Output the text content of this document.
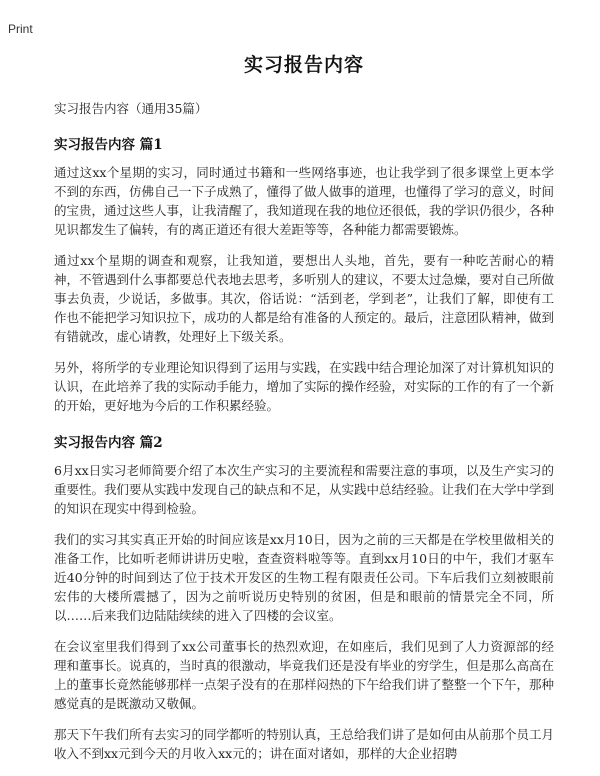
Print
实习报告内容
实习报告内容（通用35篇）
实习报告内容 篇1

通过这xx个星期的实习，同时通过书籍和一些网络事迹，也让我学到了很多课堂上更本学不到的东西，仿佛自己一下子成熟了，懂得了做人做事的道理，也懂得了学习的意义，时间的宝贵，通过这些人事，让我清醒了，我知道现在我的地位还很低，我的学识仍很少，各种见识都发生了偏转，有的离正道还有很大差距等等，各种能力都需要锻炼。

通过xx个星期的调查和观察，让我知道，要想出人头地，首先，要有一种吃苦耐心的精神，不管遇到什么事都要总代表地去思考，多听别人的建议，不要太过急燥，要对自己所做事去负责，少说话，多做事。其次，俗话说：“活到老，学到老”，让我们了解，即使有工作也不能把学习知识拉下，成功的人都是给有准备的人预定的。最后，注意团队精神，做到有错就改，虚心请教，处理好上下级关系。

另外，将所学的专业理论知识得到了运用与实践，在实践中结合理论加深了对计算机知识的认识，在此培养了我的实际动手能力，增加了实际的操作经验，对实际的工作的有了一个新的开始，更好地为今后的工作积累经验。

实习报告内容 篇2

6月xx日实习老师简要介绍了本次生产实习的主要流程和需要注意的事项，以及生产实习的重要性。我们要从实践中发现自己的缺点和不足，从实践中总结经验。让我们在大学中学到的知识在现实中得到检验。

我们的实习其实真正开始的时间应该是xx月10日，因为之前的三天都是在学校里做相关的准备工作，比如听老师讲讲历史啦，查查资料啦等等。直到xx月10日的中午，我们才驱车近40分钟的时间到达了位于技术开发区的生物工程有限责任公司。下车后我们立刻被眼前宏伟的大楼所震撼了，因为之前听说历史特别的贫困，但是和眼前的情景完全不同，所以……后来我们边陆陆续续的进入了四楼的会议室。

在会议室里我们得到了xx公司董事长的热烈欢迎，在如座后，我们见到了人力资源部的经理和董事长。说真的，当时真的很激动，毕竟我们还是没有毕业的穷学生，但是那么高高在上的董事长竟然能够那样一点架子没有的在那样闷热的下午给我们讲了整整一个下午，那种感觉真的是既激动又敬佩。

那天下午我们所有去实习的同学都听的特别认真，王总给我们讲了是如何由从前那个员工月收入不到xx元到今天的月收入xx元的；讲在面对诸如，那样的大企业招聘
